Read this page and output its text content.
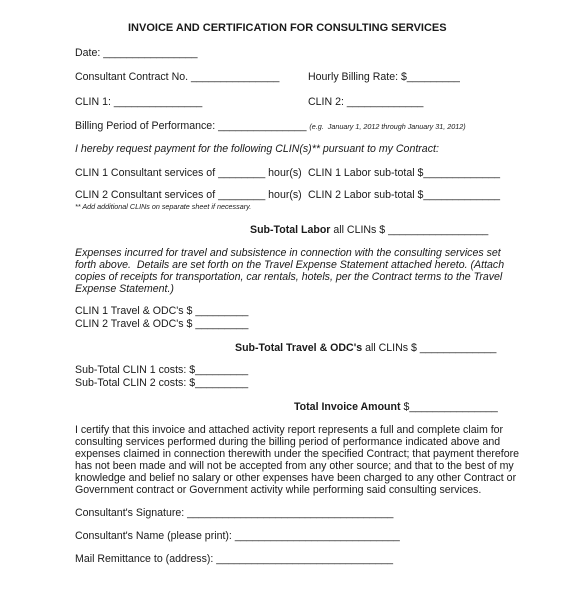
INVOICE AND CERTIFICATION FOR CONSULTING SERVICES
Date: ________________
Consultant Contract No. _______________	Hourly Billing Rate: $_________
CLIN 1: _______________	CLIN 2: _____________
Billing Period of Performance: _______________ (e.g.  January 1, 2012 through January 31, 2012)
I hereby request payment for the following CLIN(s)** pursuant to my Contract:
CLIN 1 Consultant services of ________ hour(s) CLIN 1 Labor sub-total $_____________
CLIN 2 Consultant services of ________ hour(s) CLIN 2 Labor sub-total $_____________
** Add additional CLINs on separate sheet if necessary.
Sub-Total Labor all CLINs $ _________________
Expenses incurred for travel and subsistence in connection with the consulting services set
forth above.  Details are set forth on the Travel Expense Statement attached hereto. (Attach
copies of receipts for transportation, car rentals, hotels, per the Contract terms to the Travel
Expense Statement.)
CLIN 1 Travel & ODC's $ _________
CLIN 2 Travel & ODC's $ _________
Sub-Total Travel & ODC's all CLINs $ _____________
Sub-Total CLIN 1 costs: $_________
Sub-Total CLIN 2 costs: $_________
Total Invoice Amount $_______________
I certify that this invoice and attached activity report represents a full and complete claim for
consulting services performed during the billing period of performance indicated above and
expenses claimed in connection therewith under the specified Contract; that payment therefore
has not been made and will not be accepted from any other source; and that to the best of my
knowledge and belief no salary or other expenses have been charged to any other Contract or
Government contract or Government activity while performing said consulting services.
Consultant's Signature: ___________________________________
Consultant's Name (please print): ____________________________
Mail Remittance to (address): ______________________________
